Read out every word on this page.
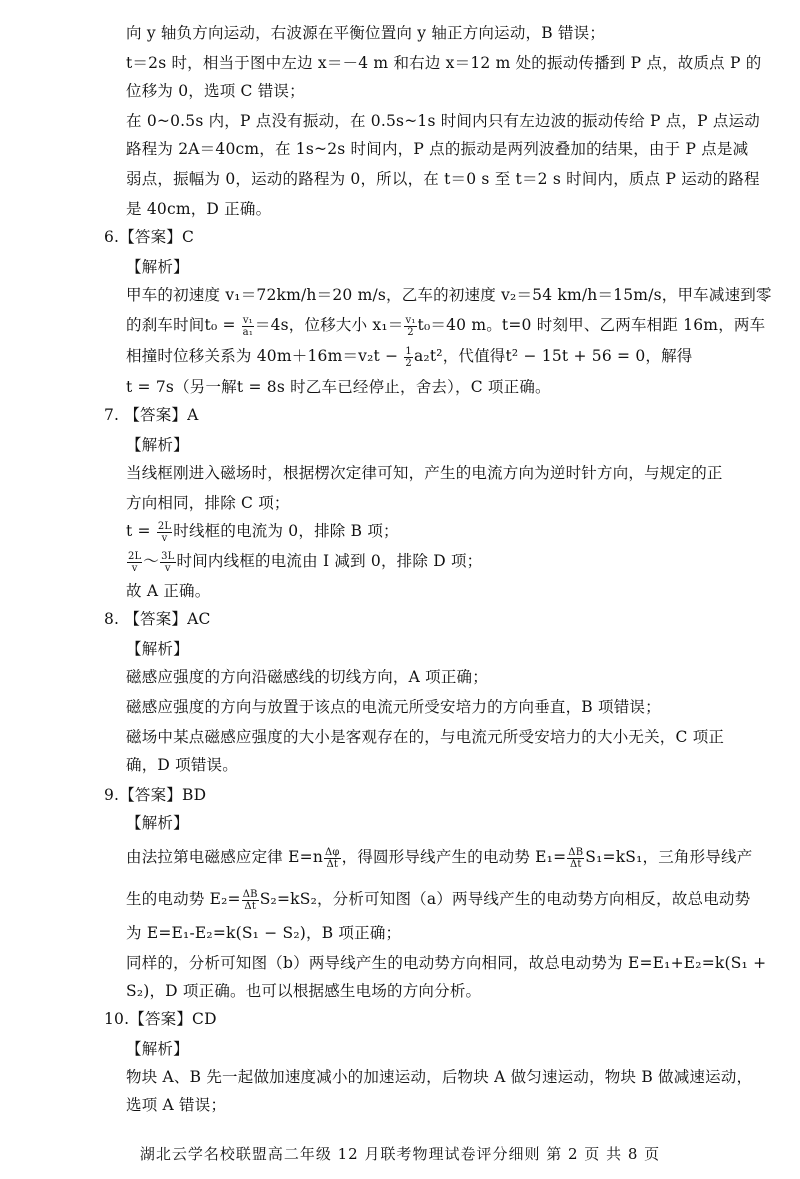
向 y 轴负方向运动，右波源在平衡位置向 y 轴正方向运动，B 错误；
t＝2s 时，相当于图中左边 x＝－4 m 和右边 x＝12 m 处的振动传播到 P 点，故质点 P 的
位移为 0，选项 C 错误；
在 0~0.5s 内，P 点没有振动，在 0.5s~1s 时间内只有左边波的振动传给 P 点，P 点运动
路程为 2A＝40cm，在 1s~2s 时间内，P 点的振动是两列波叠加的结果，由于 P 点是减
弱点，振幅为 0，运动的路程为 0，所以，在 t＝0 s 至 t＝2 s 时间内，质点 P 运动的路程
是 40cm，D 正确。
6.【答案】C
【解析】
甲车的初速度 v₁＝72km/h＝20 m/s，乙车的初速度 v₂＝54 km/h＝15m/s，甲车减速到零
的刹车时间$t_0 = \frac{\text{v₁}}{\text{a₁}} =4s$，位移大小 $x_1= \frac{\text{v₁}}{2} t_0=40$ m。t=0 时刻甲、乙两车相距 16m，两车
相撞时位移关系为 $40m+16m=v_2t - \frac{1}{2} a_2t^2$，代值得t² − 15t + 56 = 0，解得
t = 7s（另一解t = 8s 时乙车已经停止，舍去），C 项正确。
7. 【答案】A
【解析】
当线框刚进入磁场时，根据楞次定律可知，产生的电流方向为逆时针方向，与规定的正
方向相同，排除 C 项；
$t = \frac{2L}{v}$ 时线框的电流为 0，排除 B 项；
$\frac{2L}{v}$ ～ $\frac{3L}{v}$ 时间内线框的电流由 I 减到 0，排除 D 项；
故 A 正确。
8. 【答案】AC
【解析】
磁感应强度的方向沿磁感线的切线方向，A 项正确；
磁感应强度的方向与放置于该点的电流元所受安培力的方向垂直，B 项错误；
磁场中某点磁感应强度的大小是客观存在的，与电流元所受安培力的大小无关，C 项正
确，D 项错误。
9.【答案】BD
【解析】
由法拉第电磁感应定律 $E=n \frac{\Delta\varphi}{\Delta t}$ ，得圆形导线产生的电动势 $E_1= \frac{\Delta B}{\Delta t} S_1=kS_1$，三角形导线产
生的电动势 $E_2= \frac{\Delta B}{\Delta t} S_2=kS_2$，分析可知图（a）两导线产生的电动势方向相反，故总电动势
为 E=E₁-E₂=k(S₁ − S₂)，B 项正确；
同样的，分析可知图（b）两导线产生的电动势方向相同，故总电动势为 E=E₁+E₂=k(S₁ +
S₂)，D 项正确。也可以根据感生电场的方向分析。
10.【答案】CD
【解析】
物块 A、B 先一起做加速度减小的加速运动，后物块 A 做匀速运动，物块 B 做减速运动，
选项 A 错误；
湖北云学名校联盟高二年级 12 月联考物理试卷评分细则 第 2 页 共 8 页
